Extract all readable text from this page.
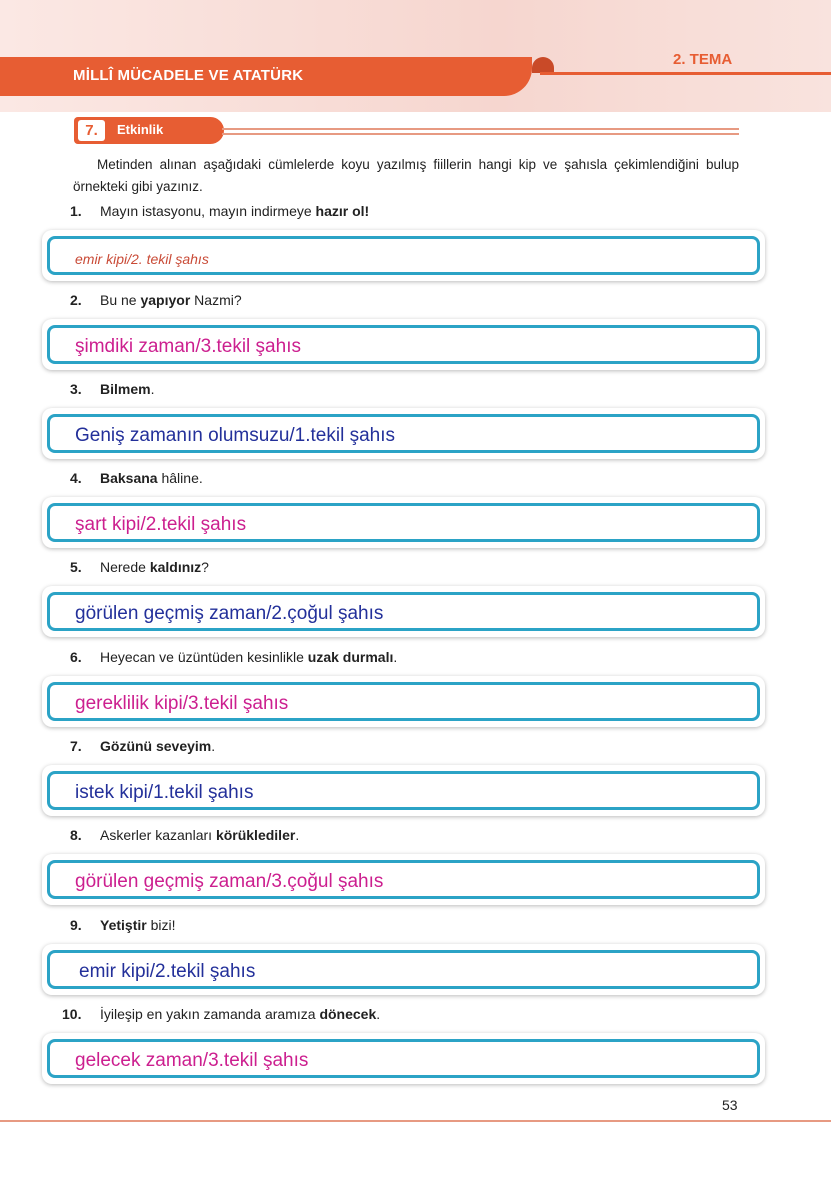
MİLLÎ MÜCADELE VE ATATÜRK
2. TEMA
7.	Etkinlik
Metinden alınan aşağıdaki cümlelerde koyu yazılmış fiillerin hangi kip ve şahısla çekimlendiğini bulup örnekteki gibi yazınız.
1. Mayın istasyonu, mayın indirmeye hazır ol!
emir kipi/2. tekil şahıs
2. Bu ne yapıyor Nazmi?
şimdiki zaman/3.tekil şahıs
3. Bilmem.
Geniş zamanın olumsuzu/1.tekil şahıs
4. Baksana hâline.
şart kipi/2.tekil şahıs
5. Nerede kaldınız?
görülen geçmiş zaman/2.çoğul şahıs
6. Heyecan ve üzüntüden kesinlikle uzak durmalı.
gereklilik kipi/3.tekil şahıs
7. Gözünü seveyim.
istek kipi/1.tekil şahıs
8. Askerler kazanları körüklediler.
görülen geçmiş zaman/3.çoğul şahıs
9. Yetiştir bizi!
emir kipi/2.tekil şahıs
10. İyileşip en yakın zamanda aramıza dönecek.
gelecek zaman/3.tekil şahıs
53
